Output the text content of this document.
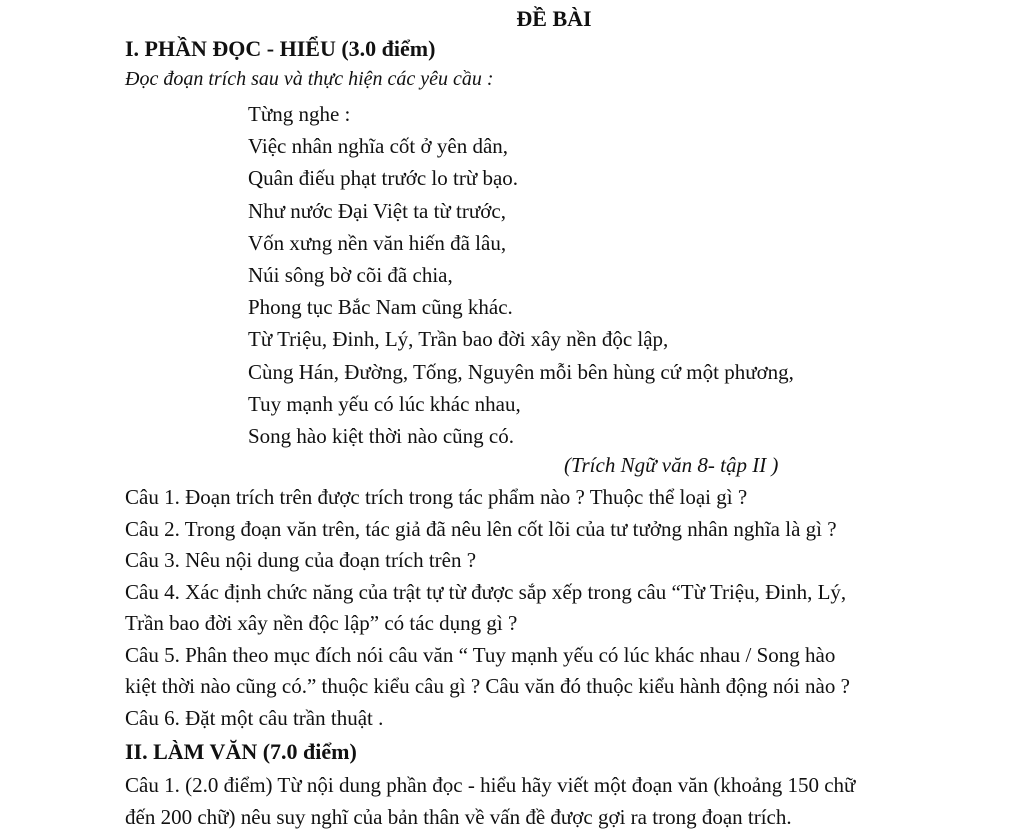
ĐỀ BÀI
I. PHẦN ĐỌC - HIỂU (3.0 điểm)
Đọc đoạn trích sau và thực hiện các yêu cầu :
Từng nghe :
Việc nhân nghĩa cốt ở yên dân,
Quân điếu phạt trước lo trừ bạo.
Như nước Đại Việt ta từ trước,
Vốn xưng nền văn hiến đã lâu,
Núi sông bờ cõi đã chia,
Phong tục Bắc Nam cũng khác.
Từ Triệu, Đinh, Lý, Trần bao đời xây nền độc lập,
Cùng Hán, Đường, Tống, Nguyên mỗi bên hùng cứ một phương,
Tuy mạnh yếu có lúc khác nhau,
Song hào kiệt thời nào cũng có.
(Trích Ngữ văn 8- tập II )
Câu 1. Đoạn trích trên được trích trong tác phẩm nào ? Thuộc thể loại gì ?
Câu 2. Trong đoạn văn trên, tác giả đã nêu lên cốt lõi của tư tưởng nhân nghĩa là gì ?
Câu 3. Nêu nội dung của đoạn trích trên ?
Câu 4. Xác định chức năng của trật tự từ được sắp xếp trong câu “Từ Triệu, Đinh, Lý,
Trần bao đời xây nền độc lập” có tác dụng gì ?
Câu 5. Phân theo mục đích nói câu văn “ Tuy mạnh yếu có lúc khác nhau / Song hào
kiệt thời nào cũng có.” thuộc kiểu câu gì ? Câu văn đó thuộc kiểu hành động nói nào ?
Câu 6. Đặt một câu trần thuật .
II. LÀM VĂN (7.0 điểm)
Câu 1. (2.0 điểm) Từ nội dung phần đọc - hiểu hãy viết một đoạn văn (khoảng 150 chữ
đến 200 chữ) nêu suy nghĩ của bản thân về vấn đề được gợi ra trong đoạn trích.
